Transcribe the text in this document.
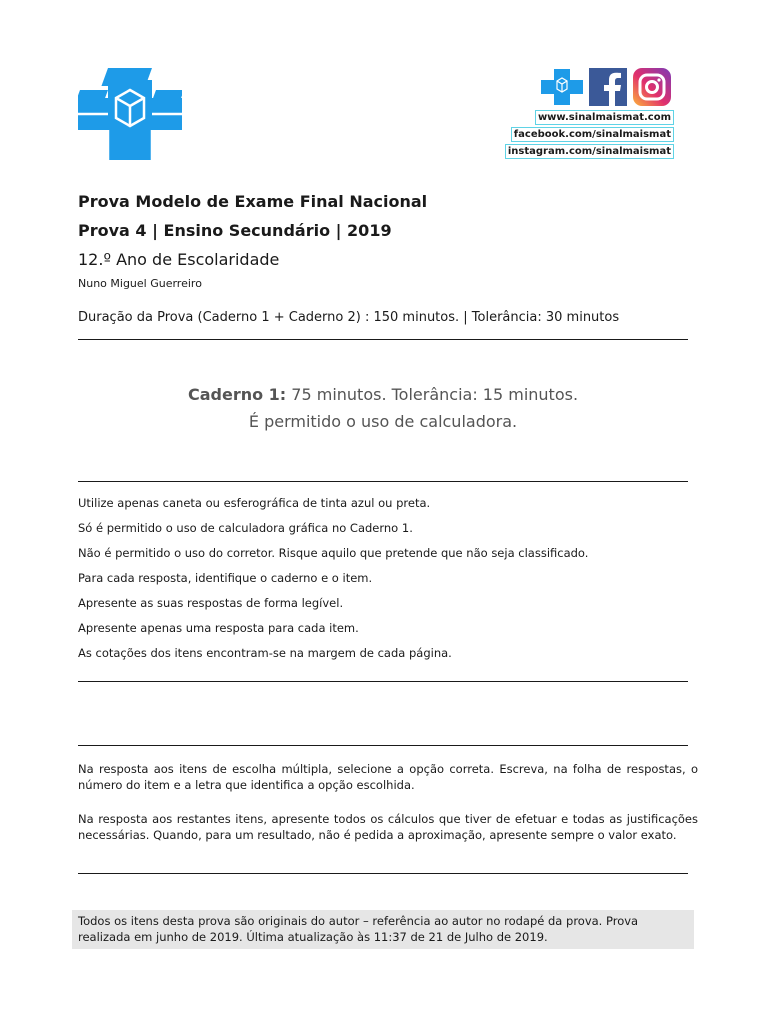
www.sinalmaismat.com
facebook.com/sinalmaismat
instagram.com/sinalmaismat
Prova Modelo de Exame Final Nacional
Prova 4 | Ensino Secundário | 2019
12.º Ano de Escolaridade
Nuno Miguel Guerreiro
Duração da Prova (Caderno 1 + Caderno 2) : 150 minutos. | Tolerância: 30 minutos
Caderno 1: 75 minutos. Tolerância: 15 minutos.
É permitido o uso de calculadora.
Utilize apenas caneta ou esferográfica de tinta azul ou preta.
Só é permitido o uso de calculadora gráfica no Caderno 1.
Não é permitido o uso do corretor. Risque aquilo que pretende que não seja classificado.
Para cada resposta, identifique o caderno e o item.
Apresente as suas respostas de forma legível.
Apresente apenas uma resposta para cada item.
As cotações dos itens encontram-se na margem de cada página.
Na resposta aos itens de escolha múltipla, selecione a opção correta. Escreva, na folha de respostas, o número do item e a letra que identifica a opção escolhida.
Na resposta aos restantes itens, apresente todos os cálculos que tiver de efetuar e todas as justificações necessárias. Quando, para um resultado, não é pedida a aproximação, apresente sempre o valor exato.
Todos os itens desta prova são originais do autor – referência ao autor no rodapé da prova. Prova realizada em junho de 2019. Última atualização às 11:37 de 21 de Julho de 2019.
